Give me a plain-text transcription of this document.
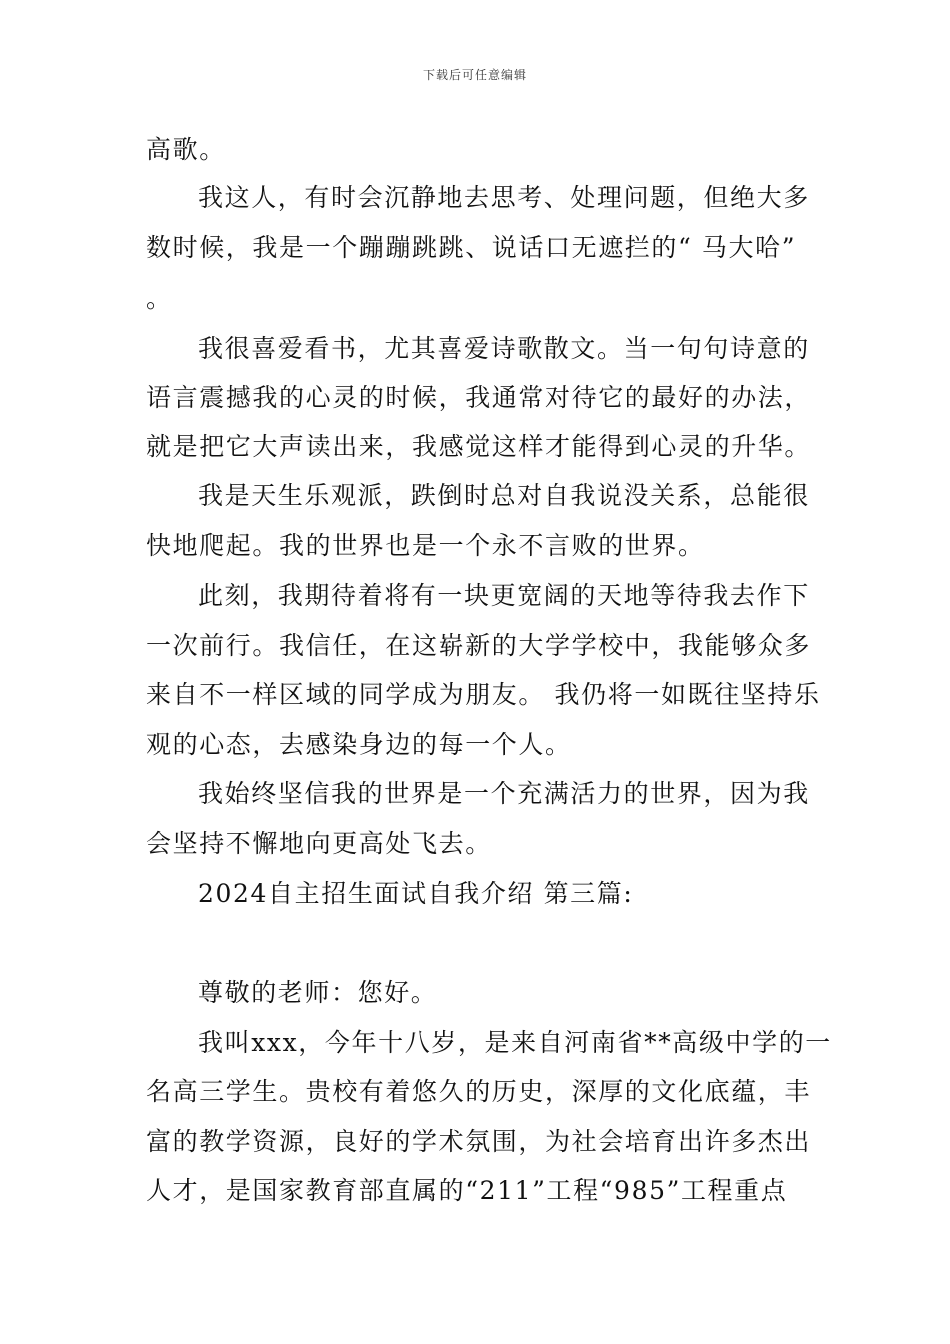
下载后可任意编辑
高歌。
我这人，有时会沉静地去思考、处理问题，但绝大多
数时候，我是一个蹦蹦跳跳、说话口无遮拦的“ 马大哈”
。
我很喜爱看书，尤其喜爱诗歌散文。当一句句诗意的
语言震撼我的心灵的时候，我通常对待它的最好的办法，
就是把它大声读出来，我感觉这样才能得到心灵的升华。
我是天生乐观派，跌倒时总对自我说没关系，总能很
快地爬起。我的世界也是一个永不言败的世界。
此刻，我期待着将有一块更宽阔的天地等待我去作下
一次前行。我信任，在这崭新的大学学校中，我能够众多
来自不一样区域的同学成为朋友。 我仍将一如既往坚持乐
观的心态，去感染身边的每一个人。
我始终坚信我的世界是一个充满活力的世界，因为我
会坚持不懈地向更高处飞去。
2024自主招生面试自我介绍 第三篇:
尊敬的老师：您好。
我叫xxx，今年十八岁，是来自河南省**高级中学的一
名高三学生。贵校有着悠久的历史，深厚的文化底蕴，丰
富的教学资源，良好的学术氛围，为社会培育出许多杰出
人才，是国家教育部直属的“211”工程“985”工程重点
